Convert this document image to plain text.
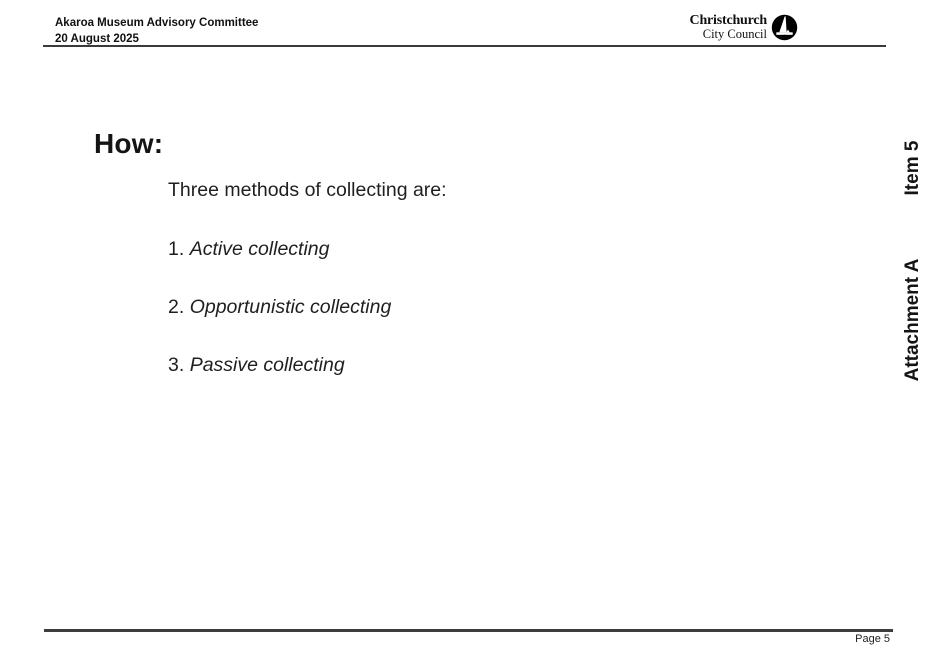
Akaroa Museum Advisory Committee
20 August 2025
Christchurch
City Council
How:
Three methods of collecting are:
1. Active collecting
2. Opportunistic collecting
3. Passive collecting
Item 5
Attachment A
Page 5
